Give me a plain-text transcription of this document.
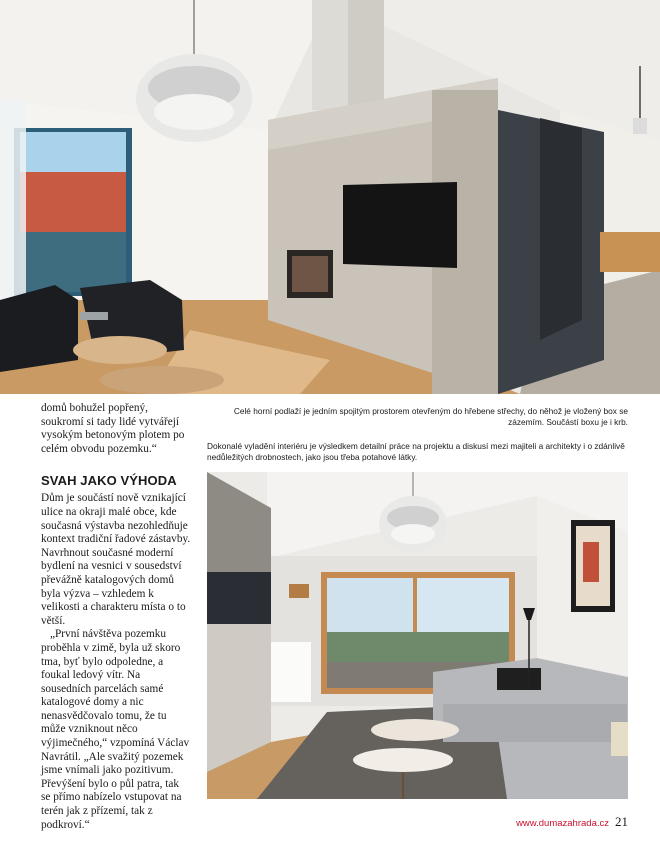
domů bohužel popřený, soukromí si tady lidé vytvářejí vysokým betonovým plotem po celém obvodu pozemku.“

SVAH JAKO VÝHODA

Dům je součástí nově vznikající ulice na okraji malé obce, kde současná výstavba nezohledňuje kontext tradiční řadové zástavby. Navrhnout současné moderní bydlení na vesnici v sousedství převážně katalogových domů byla výzva – vzhledem k velikosti a charakteru místa o to větší.

„První návštěva pozemku proběhla v zimě, byla už skoro tma, byť bylo odpoledne, a foukal ledový vítr. Na sousedních parcelách samé katalogové domy a nic nenasvědčovalo tomu, že tu může vzniknout něco výjimečného,“ vzpomíná Václav Navrátil. „Ale svažitý pozemek jsme vnímali jako pozitivum. Převýšení bylo o půl patra, tak se přímo nabízelo vstupovat na terén jak z přízemí, tak z podkroví.“

Celé horní podlaží je jedním spojitým prostorem otevřeným do hřebene střechy, do něhož je vložený box se zázemím. Součástí boxu je i krb.
Dokonalé vyladění interiéru je výsledkem detailní práce na projektu a diskusí mezi majiteli a architekty i o zdánlivě nedůležitých drobnostech, jako jsou třeba potahové látky.
www.dumazahrada.cz 21
